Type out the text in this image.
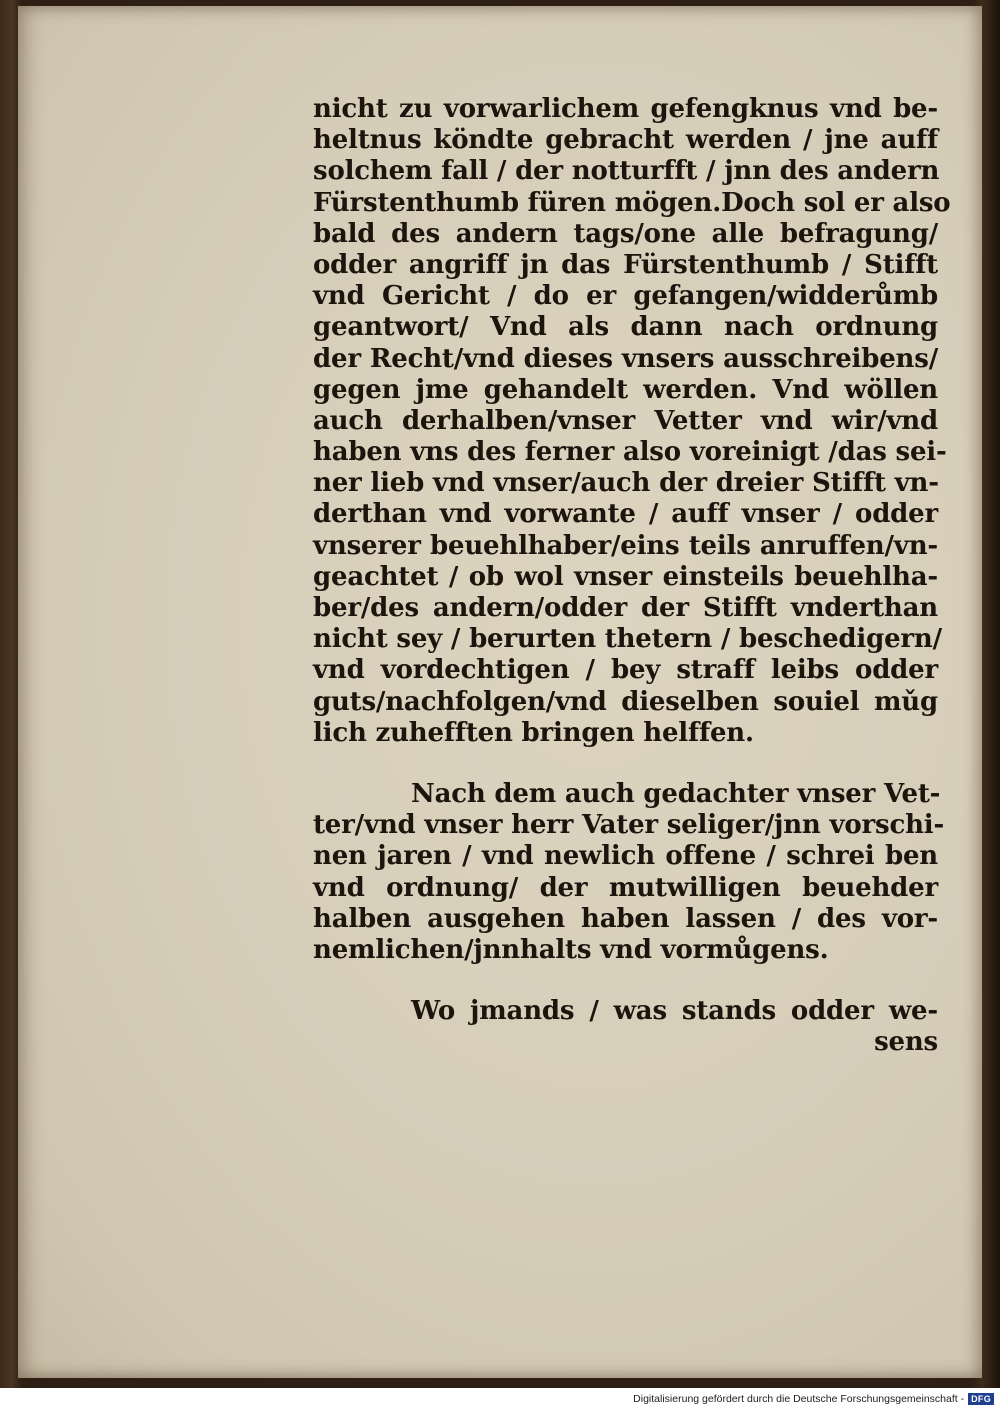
nicht zu vorwarlichem gefengknus vnd be-
heltnus köndte gebracht werden / jne auff
solchem fall / der notturfft / jnn des andern
Fürstenthumb füren mögen.Doch sol er also
bald des andern tags/one alle befragung/
odder angriff jn das Fürstenthumb / Stifft
vnd Gericht / do er gefangen/widderůmb
geantwort/ Vnd als dann nach ordnung
der Recht/vnd dieses vnsers ausschreibens/
gegen jme gehandelt werden. Vnd wöllen
auch derhalben/vnser Vetter vnd wir/vnd
haben vns des ferner also voreinigt /das sei-
ner lieb vnd vnser/auch der dreier Stifft vn-
derthan vnd vorwante / auff vnser / odder
vnserer beuehlhaber/eins teils anruffen/vn-
geachtet / ob wol vnser einsteils beuehlha-
ber/des andern/odder der Stifft vnderthan
nicht sey / berurten thetern / beschedigern/
vnd vordechtigen / bey straff leibs odder
guts/nachfolgen/vnd dieselben souiel mǔg
lich zuhefften bringen helffen.
Nach dem auch gedachter vnser Vet-
ter/vnd vnser herr Vater seliger/jnn vorschi-
nen jaren / vnd newlich offene / schrei ben
vnd ordnung/ der mutwilligen beuehder
halben ausgehen haben lassen / des vor-
nemlichen/jnnhalts vnd vormůgens.
Wo jmands / was stands odder we-
sens
Digitalisierung gefördert durch die Deutsche Forschungsgemeinschaft - DFG
